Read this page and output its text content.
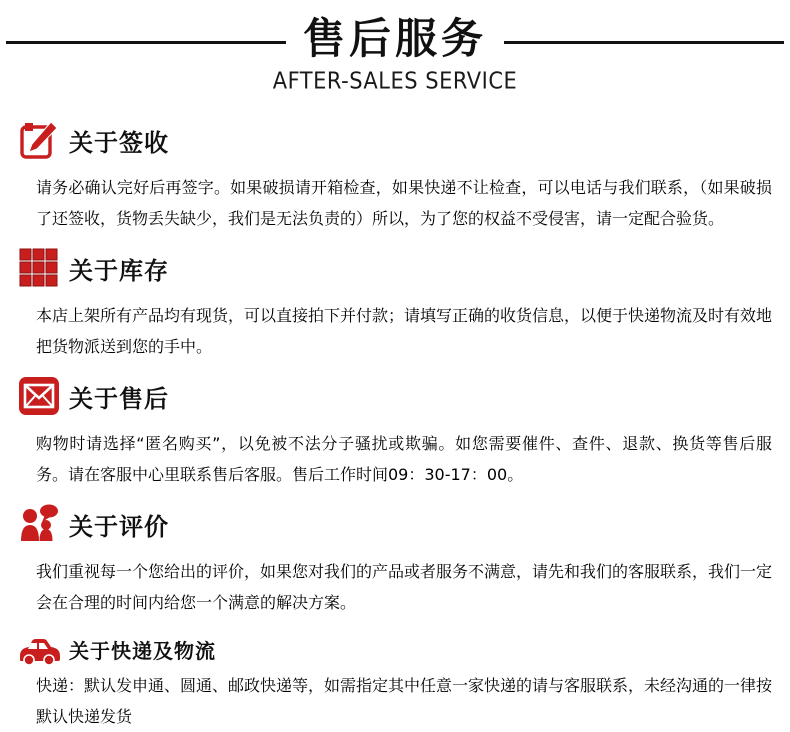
售后服务
AFTER-SALES SERVICE
关于签收

请务必确认完好后再签字。如果破损请开箱检查，如果快递不让检查，可以电话与我们联系，（如果破损了还签收，货物丢失缺少，我们是无法负责的）所以，为了您的权益不受侵害，请一定配合验货。

关于库存

本店上架所有产品均有现货，可以直接拍下并付款；请填写正确的收货信息，以便于快递物流及时有效地把货物派送到您的手中。

关于售后

购物时请选择“匿名购买”，以免被不法分子骚扰或欺骗。如您需要催件、查件、退款、换货等售后服务。请在客服中心里联系售后客服。售后工作时间09：30-17：00。

关于评价

我们重视每一个您给出的评价，如果您对我们的产品或者服务不满意，请先和我们的客服联系，我们一定会在合理的时间内给您一个满意的解决方案。

关于快递及物流

快递：默认发申通、圆通、邮政快递等，如需指定其中任意一家快递的请与客服联系，未经沟通的一律按默认快递发货
